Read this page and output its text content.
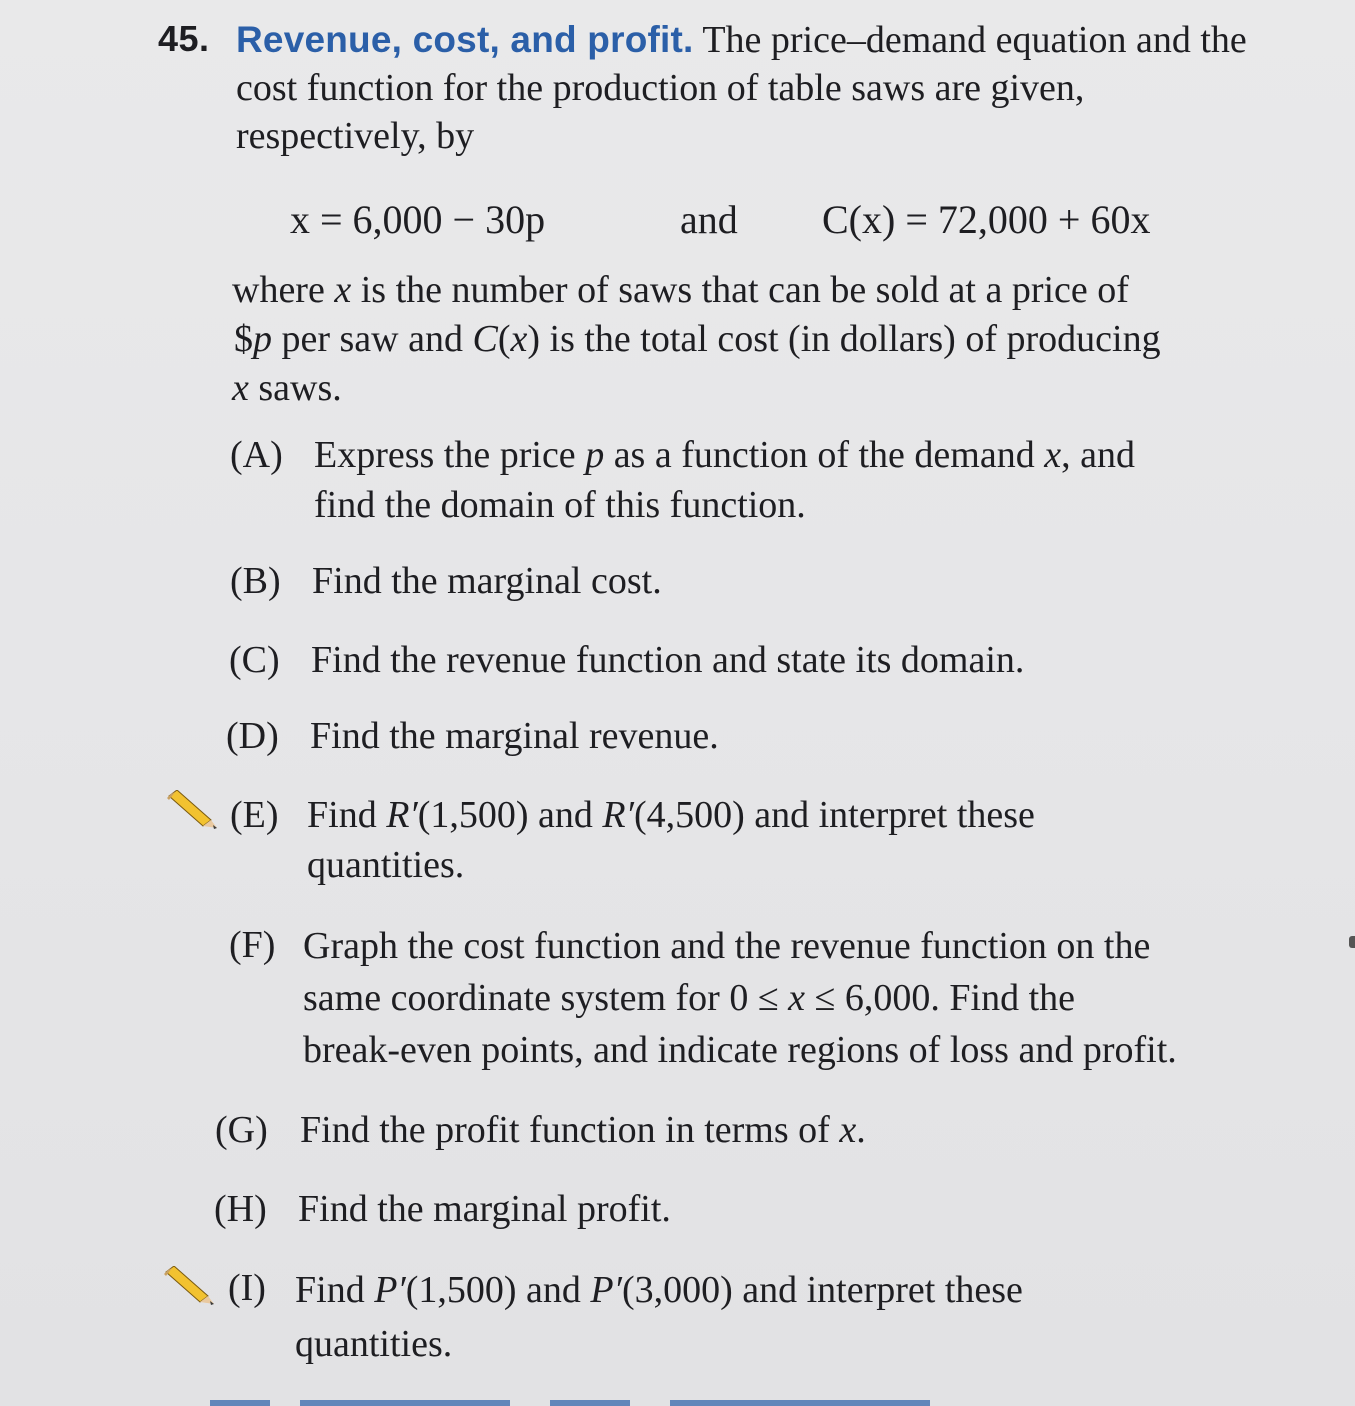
45. Revenue, cost, and profit. The price–demand equation and the cost function for the production of table saws are given, respectively, by
x = 6,000 − 30p	and C(x) = 72,000 + 60x
where x is the number of saws that can be sold at a price of
$p per saw and C(x) is the total cost (in dollars) of producing
x saws.
(A) Express the price p as a function of the demand x, and
find the domain of this function.
(B) Find the marginal cost.
(C) Find the revenue function and state its domain.
(D) Find the marginal revenue.
(E) Find R′(1,500) and R′(4,500) and interpret these
quantities.
(F) Graph the cost function and the revenue function on the
same coordinate system for 0 ≤ x ≤ 6,000. Find the
break-even points, and indicate regions of loss and profit.
(G) Find the profit function in terms of x.
(H) Find the marginal profit.
(I) Find P′(1,500) and P′(3,000) and interpret these
quantities.
